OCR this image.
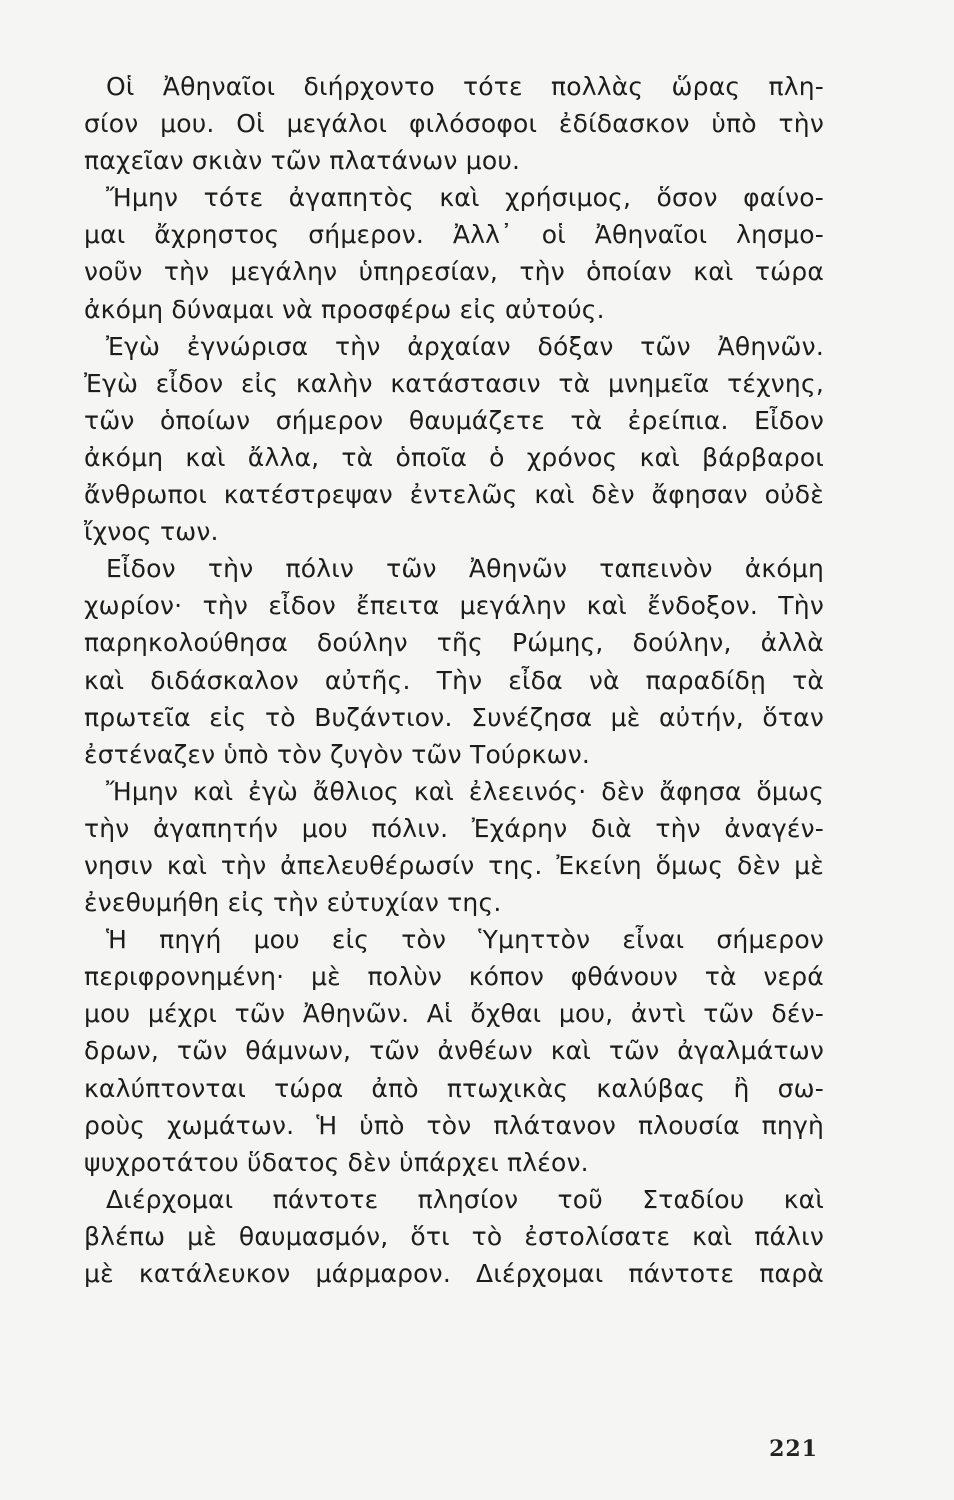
Οἱ Ἀθηναῖοι διήρχοντο τότε πολλὰς ὥρας πλη-
σίον μου. Οἱ μεγάλοι φιλόσοφοι ἐδίδασκον ὑπὸ τὴν
παχεῖαν σκιὰν τῶν πλατάνων μου.
Ἤμην τότε ἀγαπητὸς καὶ χρήσιμος, ὅσον φαίνο-
μαι ἄχρηστος σήμερον. Ἀλλ᾽ οἱ Ἀθηναῖοι λησμο-
νοῦν τὴν μεγάλην ὑπηρεσίαν, τὴν ὁποίαν καὶ τώρα
ἀκόμη δύναμαι νὰ προσφέρω εἰς αὐτούς.
Ἐγὼ ἐγνώρισα τὴν ἀρχαίαν δόξαν τῶν Ἀθηνῶν.
Ἐγὼ εἶδον εἰς καλὴν κατάστασιν τὰ μνημεῖα τέχνης,
τῶν ὁποίων σήμερον θαυμάζετε τὰ ἐρείπια. Εἶδον
ἀκόμη καὶ ἄλλα, τὰ ὁποῖα ὁ χρόνος καὶ βάρβαροι
ἄνθρωποι κατέστρεψαν ἐντελῶς καὶ δὲν ἄφησαν οὐδὲ
ἴχνος των.
Εἶδον τὴν πόλιν τῶν Ἀθηνῶν ταπεινὸν ἀκόμη
χωρίον· τὴν εἶδον ἔπειτα μεγάλην καὶ ἔνδοξον. Τὴν
παρηκολούθησα δούλην τῆς Ρώμης, δούλην, ἀλλὰ
καὶ διδάσκαλον αὐτῆς. Τὴν εἶδα νὰ παραδίδῃ τὰ
πρωτεῖα εἰς τὸ Βυζάντιον. Συνέζησα μὲ αὐτήν, ὅταν
ἐστέναζεν ὑπὸ τὸν ζυγὸν τῶν Τούρκων.
Ἤμην καὶ ἐγὼ ἄθλιος καὶ ἐλεεινός· δὲν ἄφησα ὅμως
τὴν ἀγαπητήν μου πόλιν. Ἐχάρην διὰ τὴν ἀναγέν-
νησιν καὶ τὴν ἀπελευθέρωσίν της. Ἐκείνη ὅμως δὲν μὲ
ἐνεθυμήθη εἰς τὴν εὐτυχίαν της.
Ἡ πηγή μου εἰς τὸν Ὑμηττὸν εἶναι σήμερον
περιφρονημένη· μὲ πολὺν κόπον φθάνουν τὰ νερά
μου μέχρι τῶν Ἀθηνῶν. Αἱ ὄχθαι μου, ἀντὶ τῶν δέν-
δρων, τῶν θάμνων, τῶν ἀνθέων καὶ τῶν ἀγαλμάτων
καλύπτονται τώρα ἀπὸ πτωχικὰς καλύβας ἢ σω-
ροὺς χωμάτων. Ἡ ὑπὸ τὸν πλάτανον πλουσία πηγὴ
ψυχροτάτου ὕδατος δὲν ὑπάρχει πλέον.
Διέρχομαι πάντοτε πλησίον τοῦ Σταδίου καὶ
βλέπω μὲ θαυμασμόν, ὅτι τὸ ἐστολίσατε καὶ πάλιν
μὲ κατάλευκον μάρμαρον. Διέρχομαι πάντοτε παρὰ
221
